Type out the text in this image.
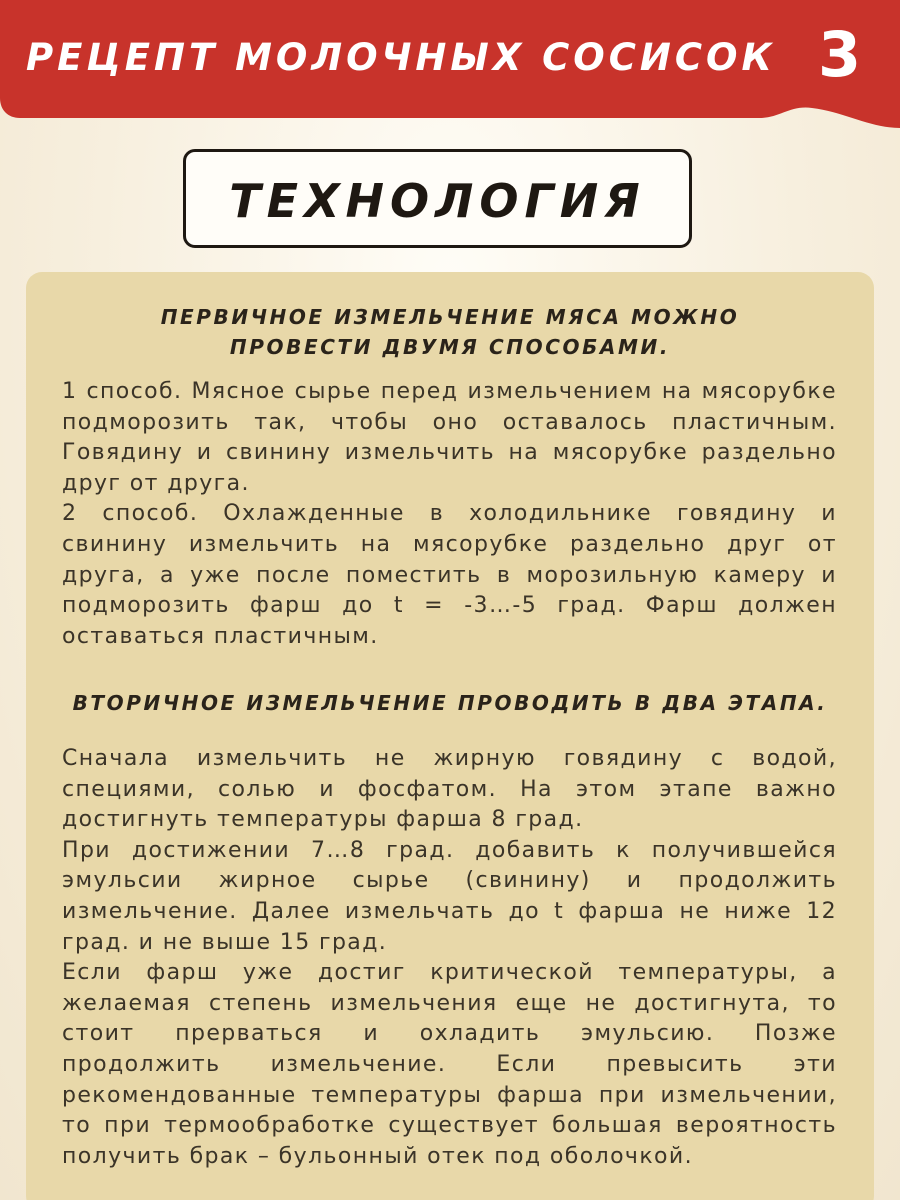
РЕЦЕПТ МОЛОЧНЫХ СОСИСОК 3
ТЕХНОЛОГИЯ
ПЕРВИЧНОЕ ИЗМЕЛЬЧЕНИЕ МЯСА МОЖНО
ПРОВЕСТИ ДВУМЯ СПОСОБАМИ.

1 способ. Мясное сырье перед измельчением на мясорубке подморозить так, чтобы оно оставалось пластичным. Говядину и свинину измельчить на мясорубке раздельно друг от друга.

2 способ. Охлажденные в холодильнике говядину и свинину измельчить на мясорубке раздельно друг от друга, а уже после поместить в морозильную камеру и подморозить фарш до t = -3…-5 град. Фарш должен оставаться пластичным.

ВТОРИЧНОЕ ИЗМЕЛЬЧЕНИЕ ПРОВОДИТЬ В ДВА ЭТАПА.

Сначала измельчить не жирную говядину с водой, специями, солью и фосфатом. На этом этапе важно достигнуть температуры фарша 8 град.

При достижении 7…8 град. добавить к получившейся эмульсии жирное сырье (свинину) и продолжить измельчение. Далее измельчать до t фарша не ниже 12 град. и не выше 15 град.

Если фарш уже достиг критической температуры, а желаемая степень измельчения еще не достигнута, то стоит прерваться и охладить эмульсию. Позже продолжить измельчение. Если превысить эти рекомендованные температуры фарша при измельчении, то при термообработке существует большая вероятность получить брак – бульонный отек под оболочкой.
